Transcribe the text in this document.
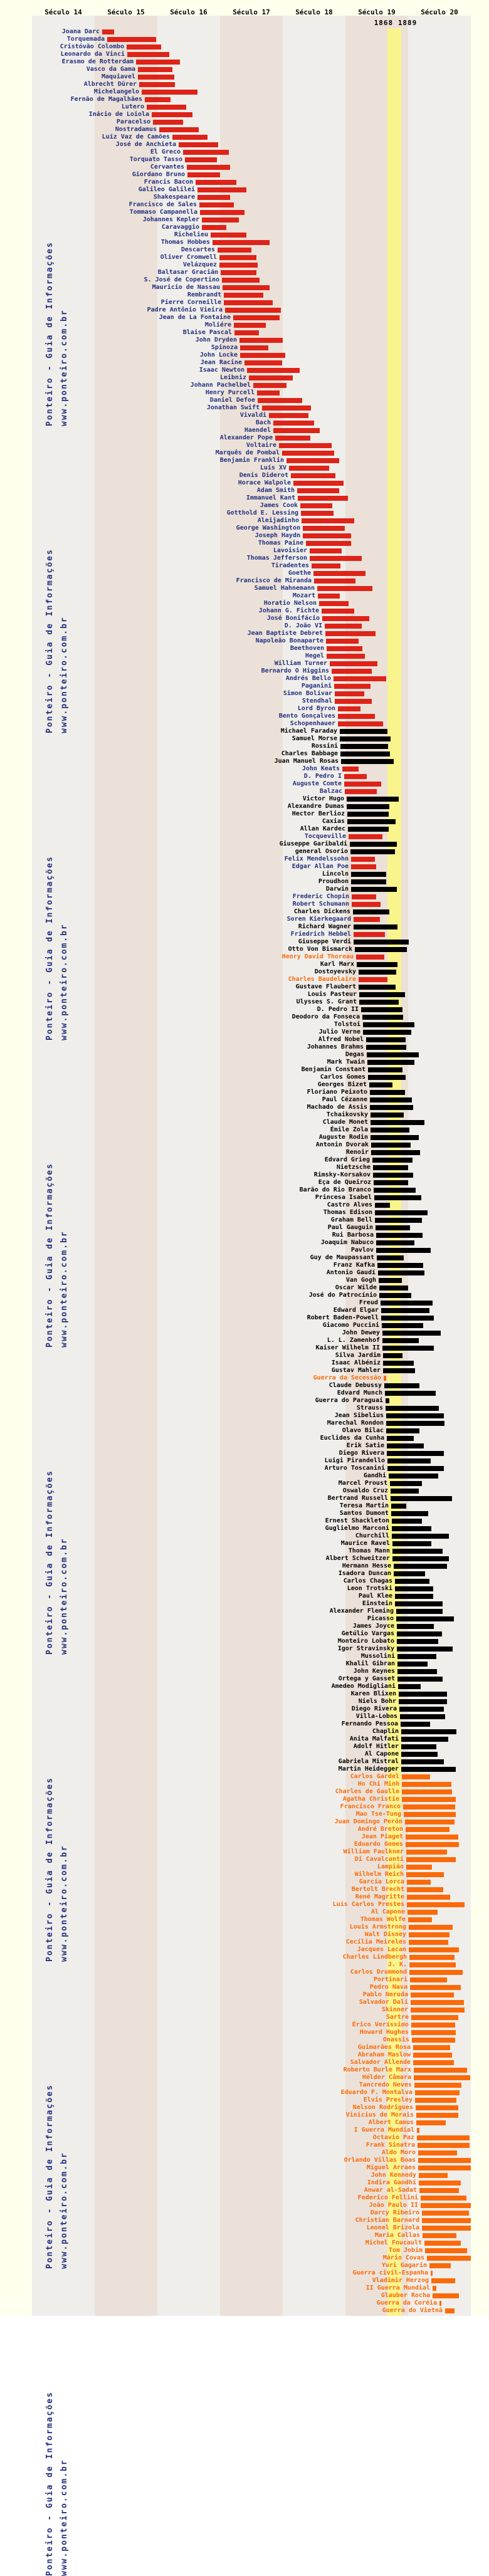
Século 14	Século 15	Século 16	Século 17	Século 18	Século 19	Século 20
1868 1889
Joana Darc
Torquemada
Cristóvão Colombo
Leonardo da Vinci
Erasmo de Rotterdam
Vasco da Gama
Maquiavel
Albrecht Dürer
Michelangelo
Fernão de Magalhães
Lutero
Inácio de Loiola
Paracelso
Nostradamus
Luíz Vaz de Camões
José de Anchieta
El Greco
Torquato Tasso
Cervantes
Giordano Bruno
Francis Bacon
Galileo Galilei
Shakespeare
Francisco de Sales
Tommaso Campanella
Johannes Kepler
Caravaggio
Richelieu
Thomas Hobbes
Descartes
Oliver Cromwell
Velázquez
Baltasar Gracián
S. José de Copertino
Mauricio de Nassau
Rembrandt
Pierre Corneille
Padre Antônio Vieira
Jean de La Fontaine
Moliére
Blaise Pascal
John Dryden
Spinoza
John Locke
Jean Racine
Isaac Newton
Leibniz
Johann Pachelbel
Henry Purcell
Daniel Defoe
Jonathan Swift
Vivaldi
Bach
Haendel
Alexander Pope
Voltaire
Marquês de Pombal
Benjamin Franklin
Luís XV
Denis Diderot
Horace Walpole
Adam Smith
Immanuel Kant
James Cook
Gotthold E. Lessing
Aleijadinho
George Washington
Joseph Haydn
Thomas Paine
Lavoisier
Thomas Jefferson
Tiradentes
Goethe
Francisco de Miranda
Samuel Hahnemann
Mozart
Horatio Nelson
Johann G. Fichte
José Bonifácio
D. João VI
Jean Baptiste Debret
Napoleão Bonaparte
Beethoven
Hegel
William Turner
Bernardo O Higgins
Andrés Bello
Paganini
Simon Bolívar
Stendhal
Lord Byron
Bento Gonçalves
Schopenhauer
Michael Faraday
Samuel Morse
Rossini
Charles Babbage
Juan Manuel Rosas
John Keats
D. Pedro I
Auguste Comte
Balzac
Victor Hugo
Alexandre Dumas
Hector Berlioz
Caxias
Allan Kardec
Tocqueville
Giuseppe Garibaldi
general Osorio
Felix Mendelssohn
Edgar Allan Poe
Lincoln
Proudhon
Darwin
Frederic Chopin
Robert Schumann
Charles Dickens
Soren Kierkegaard
Richard Wagner
Friedrich Hebbel
Giuseppe Verdi
Otto Von Bismarck
Henry David Thoreau
Karl Marx
Dostoyevsky
Charles Baudelaire
Gustave Flaubert
Louis Pasteur
Ulysses S. Grant
D. Pedro II
Deodoro da Fonseca
Tolstoi
Julio Verne
Alfred Nobel
Johannes Brahms
Degas
Mark Twain
Benjamin Constant
Carlos Gomes
Georges Bizet
Floriano Peixoto
Paul Cézanne
Machado de Assis
Tchaikovsky
Claude Monet
Émile Zola
Auguste Rodin
Antonin Dvorak
Renoir
Edvard Grieg
Nietzsche
Rimsky-Korsakov
Eça de Queiroz
Barão do Rio Branco
Princesa Isabel
Castro Alves
Thomas Edison
Graham Bell
Paul Gauguin
Rui Barbosa
Joaquim Nabuco
Pavlov
Guy de Maupassant
Franz Kafka
Antonio Gaudí
Van Gogh
Oscar Wilde
José do Patrocínio
Freud
Edward Elgar
Robert Baden-Powell
Giacomo Puccini
John Dewey
L. L. Zamenhof
Kaiser Wilhelm II
Silva Jardim
Isaac Albéniz
Gustav Mahler
Guerra da Secessão
Claude Debussy
Edvard Munch
Guerra do Paraguai
Strauss
Jean Sibelius
Marechal Rondon
Olavo Bilac
Euclides da Cunha
Erik Satie
Diego Rivera
Luigi Pirandello
Arturo Toscanini
Gandhi
Marcel Proust
Oswaldo Cruz
Bertrand Russell
Teresa Martin
Santos Dumont
Ernest Shackleton
Guglielmo Marconi
Churchill
Maurice Ravel
Thomas Mann
Albert Schweitzer
Hermann Hesse
Isadora Duncan
Carlos Chagas
Leon Trotski
Paul Klee
Einstein
Alexander Fleming
Picasso
James Joyce
Getúlio Vargas
Monteiro Lobato
Igor Stravinsky
Mussolini
Khalil Gibran
John Keynes
Ortega y Gasset
Amedeo Modigliani
Karen Blixen
Niels Bohr
Diego Rivera
Villa-Lobos
Fernando Pessoa
Chaplin
Anita Malfati
Adolf Hitler
Al Capone
Gabriela Mistral
Martin Heidegger
Carlos Gardel
Ho Chi Minh
Charles de Gaulle
Agatha Christie
Francisco Franco
Mao Tse-Tung
Juan Domingo Perón
André Breton
Jean Piaget
Eduardo Gomes
William Faulkner
Di Cavalcanti
Lampião
Wilhelm Reich
García Lorca
Bertolt Brecht
René Magritte
Luís Carlos Prestes
Al Capone
Thomas Wolfe
Louis Armstrong
Walt Disney
Cecília Meireles
Jacques Lacan
Charles Lindbergh
J. K.
Carlos Drummond
Portinari
Pedro Nava
Pablo Neruda
Salvador Dali
Skinner
Sartre
Érico Veríssimo
Howard Hughes
Onassis
Guimarães Rosa
Abraham Maslow
Salvador Allende
Roberto Burle Marx
Hélder Câmara
Tancredo Neves
Eduardo F. Montalva
Elvis Presley
Nelson Rodrigues
Vinícius de Morais
Albert Camus
I Guerra Mundial
Octavio Paz
Frank Sinatra
Aldo Moro
Orlando Villas Boas
Miguel Arraes
John Kennedy
Indira Gandhi
Anwar al-Sadat
Federico Fellini
João Paulo II
Darcy Ribeiro
Christian Barnard
Leonel Brizola
Maria Callas
Michel Foucault
Tom Jobim
Mário Covas
Yuri Gagarin
Guerra civil-Espanha
Vladimir Herzog
II Guerra Mundial
Glauber Rocha
Guerra da Coréia
Guerra do Vietnã
Ponteiro - Guia de Informações www.ponteiro.com.br
Ponteiro - Guia de Informações www.ponteiro.com.br
Ponteiro - Guia de Informações www.ponteiro.com.br
Ponteiro - Guia de Informações www.ponteiro.com.br
Ponteiro - Guia de Informações www.ponteiro.com.br
Ponteiro - Guia de Informações www.ponteiro.com.br
Ponteiro - Guia de Informações www.ponteiro.com.br
Ponteiro - Guia de Informações www.ponteiro.com.br
